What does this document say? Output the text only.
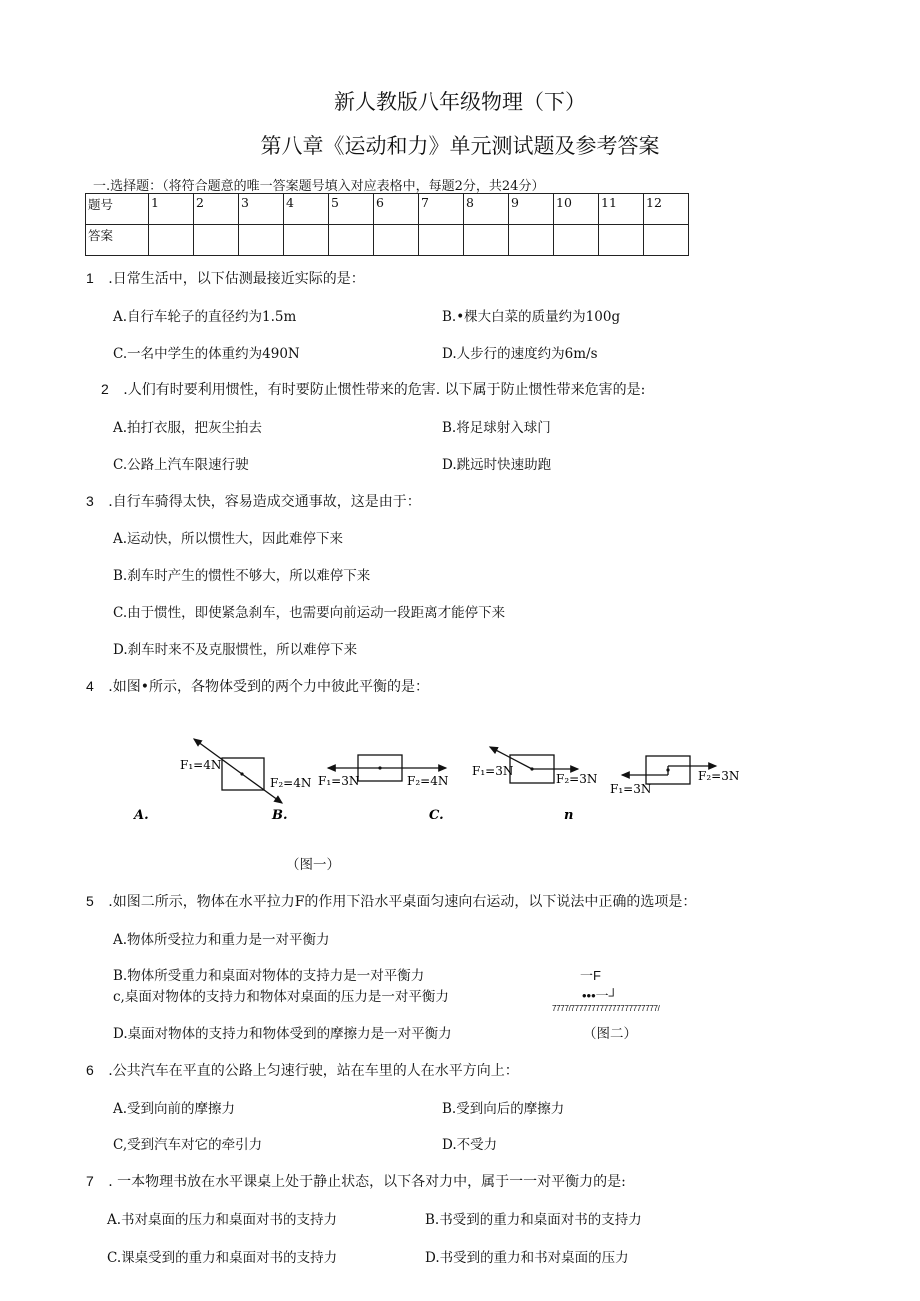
新人教版八年级物理（下）
第八章《运动和力》单元测试题及参考答案
一.选择题：（将符合题意的唯一答案题号填入对应表格中，每题2分，共24分）
题号	1	2	3	4	5	6	7	8	9	10	11	12
答案												
1 .日常生活中，以下估测最接近实际的是：
A.自行车轮子的直径约为1.5m	B.•棵大白菜的质量约为100g
C.一名中学生的体重约为490N	D.人步行的速度约为6m/s
2 .人们有时要利用惯性，有时要防止惯性带来的危害. 以下属于防止惯性带来危害的是:
A.拍打衣服，把灰尘拍去	B.将足球射入球门
C.公路上汽车限速行驶	D.跳远时快速助跑
3 .自行车骑得太快，容易造成交通事故，这是由于：
A.运动快，所以惯性大，因此难停下来
B.刹车时产生的惯性不够大，所以难停下来
C.由于惯性，即使紧急刹车，也需要向前运动一段距离才能停下来
D.刹车时来不及克服惯性，所以难停下来
4 .如图•所示，各物体受到的两个力中彼此平衡的是：
F₁=4N
F₂=4N
A.
F₁=3N	F₂=4N
B.
F₁=3N
F₂=3N
C.
F₂=3N
F₁=3N
n
（图一）
5 .如图二所示，物体在水平拉力F的作用下沿水平桌面匀速向右运动，以下说法中正确的选项是：
A.物体所受拉力和重力是一对平衡力
B.物体所受重力和桌面对物体的支持力是一对平衡力
c,桌面对物体的支持力和物体对桌面的压力是一对平衡力
D.桌面对物体的支持力和物体受到的摩擦力是一对平衡力
一F
•••一┘
7777/777777777777777777777/
（图二）
6 .公共汽车在平直的公路上匀速行驶，站在车里的人在水平方向上：
A.受到向前的摩擦力	B.受到向后的摩擦力
C,受到汽车对它的牵引力	D.不受力
7 . 一本物理书放在水平课桌上处于静止状态，以下各对力中，属于一一对平衡力的是:
A.书对桌面的压力和桌面对书的支持力	B.书受到的重力和桌面对书的支持力
C.课桌受到的重力和桌面对书的支持力	D.书受到的重力和书对桌面的压力
